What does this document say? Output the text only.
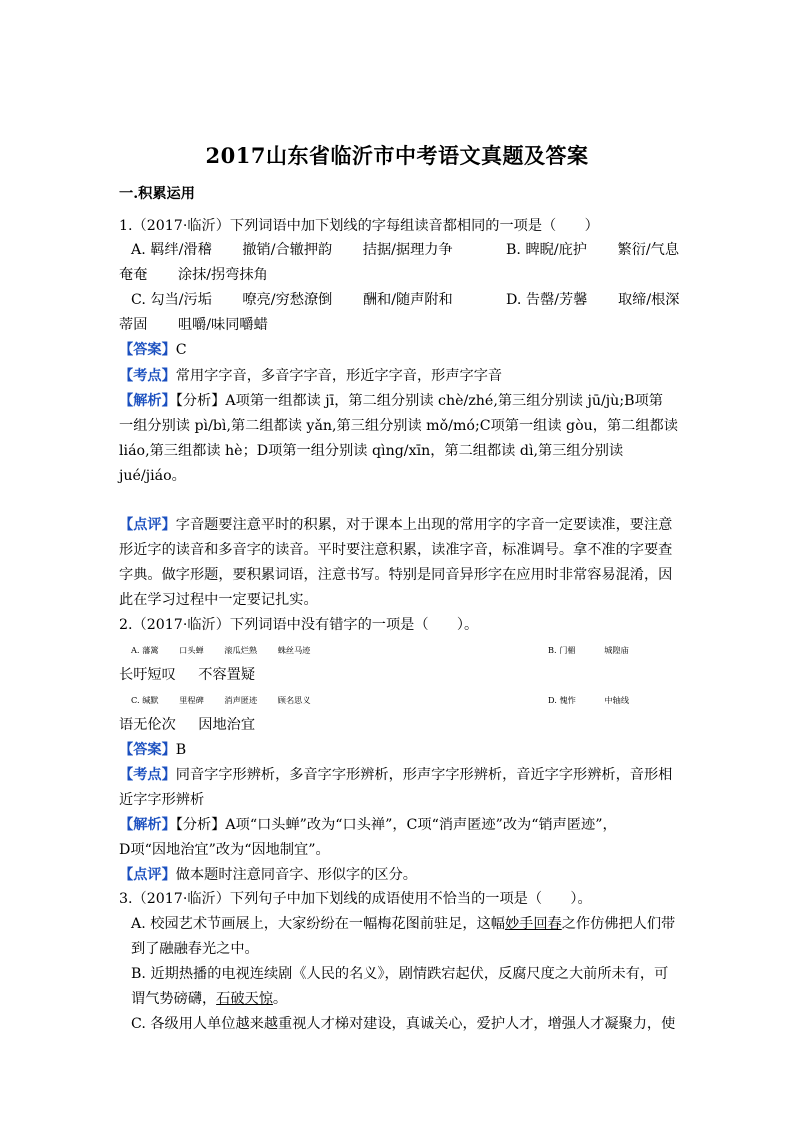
2017山东省临沂市中考语文真题及答案
一.积累运用
1.（2017·临沂）下列词语中加下划线的字每组读音都相同的一项是（　　）
A. 羁绊/滑稽 撤销/合辙押韵 拮据/据理力争	B. 睥睨/庇护 繁衍/气息
奄奄 涂抹/拐弯抹角
C. 勾当/污垢 嘹亮/穷愁潦倒 酬和/随声附和	D. 告罄/芳馨 取缔/根深
蒂固 咀嚼/味同嚼蜡
【答案】C
【考点】常用字字音，多音字字音，形近字字音，形声字字音
【解析】【分析】A项第一组都读 jī，第二组分别读 chè/zhé,第三组分别读 jū/jù;B项第
一组分别读 pì/bì,第二组都读 yǎn,第三组分别读 mǒ/mó;C项第一组读 gòu，第二组都读
liáo,第三组都读 hè；D项第一组分别读 qìng/xīn，第二组都读 dì,第三组分别读
jué/jiáo。
【点评】字音题要注意平时的积累，对于课本上出现的常用字的字音一定要读准，要注意
形近字的读音和多音字的读音。平时要注意积累，读准字音，标准调号。拿不准的字要查
字典。做字形题，要积累词语，注意书写。特别是同音异形字在应用时非常容易混淆，因
此在学习过程中一定要记扎实。
2.（2017·临沂）下列词语中没有错字的一项是（　　）。
A. 藩篱	口头蝉	滚瓜烂熟	蛛丝马迹	B. 门楣	城隍庙
长吁短叹 不容置疑
C. 缄默	里程碑	消声匿迹	顾名思义	D. 愧怍	中轴线
语无伦次 因地治宜
【答案】B
【考点】同音字字形辨析，多音字字形辨析，形声字字形辨析，音近字字形辨析，音形相
近字字形辨析
【解析】【分析】A项“口头蝉”改为“口头禅”，C项“消声匿迹”改为“销声匿迹”，
D项“因地治宜”改为“因地制宜”。
【点评】做本题时注意同音字、形似字的区分。
3.（2017·临沂）下列句子中加下划线的成语使用不恰当的一项是（　　）。
A. 校园艺术节画展上，大家纷纷在一幅梅花图前驻足，这幅妙手回春之作仿佛把人们带
到了融融春光之中。
B. 近期热播的电视连续剧《人民的名义》，剧情跌宕起伏，反腐尺度之大前所未有，可
谓气势磅礴，石破天惊。
C. 各级用人单位越来越重视人才梯对建设，真诚关心，爱护人才，增强人才凝聚力，使
